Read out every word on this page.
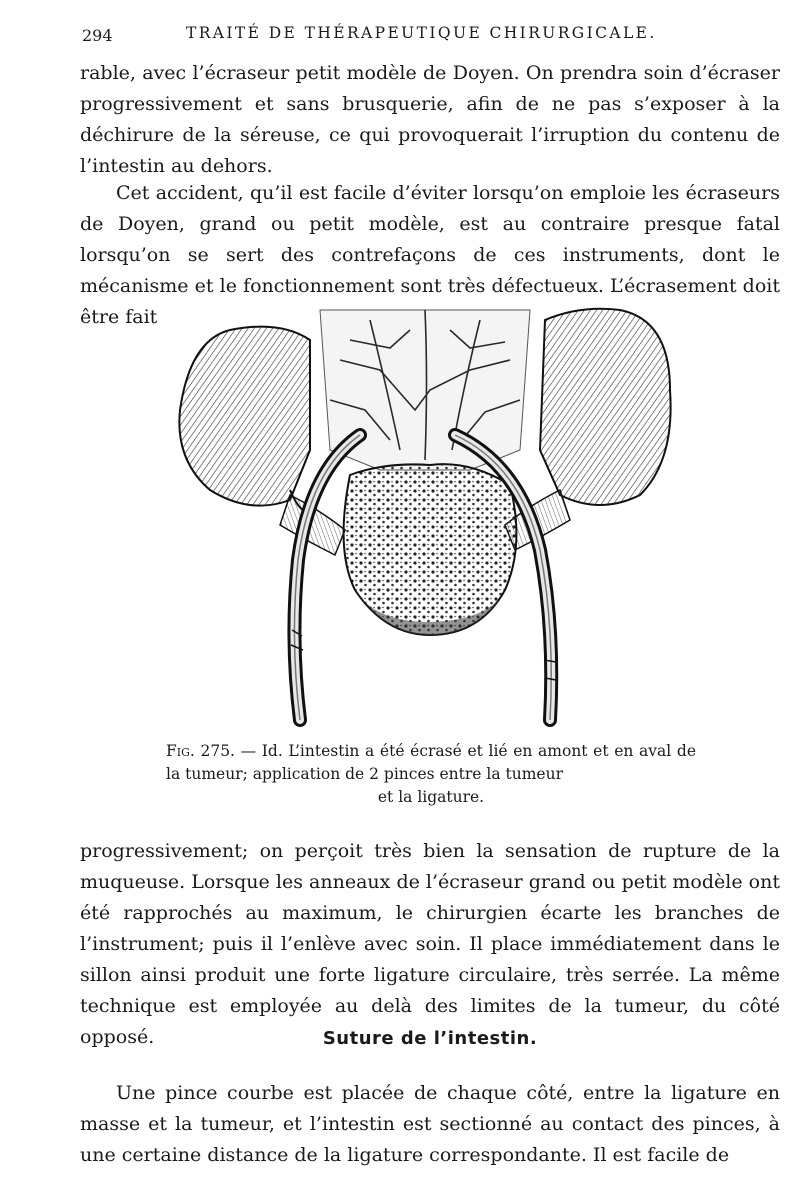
294	TRAITÉ DE THÉRAPEUTIQUE CHIRURGICALE.

rable, avec l’écraseur petit modèle de Doyen. On prendra soin d’écraser progressivement et sans brusquerie, afin de ne pas s’exposer à la déchirure de la séreuse, ce qui provoquerait l’irruption du contenu de l’intestin au dehors.

Cet accident, qu’il est facile d’éviter lorsqu’on emploie les écraseurs de Doyen, grand ou petit modèle, est au contraire presque fatal lorsqu’on se sert des contrefaçons de ces instruments, dont le mécanisme et le fonctionnement sont très défectueux. L’écrasement doit être fait

Fig. 275. — Id. L’intestin a été écrasé et lié en amont et en aval de la tumeur; application de 2 pinces entre la tumeur
et la ligature.

progressivement; on perçoit très bien la sensation de rupture de la muqueuse. Lorsque les anneaux de l’écraseur grand ou petit modèle ont été rapprochés au maximum, le chirurgien écarte les branches de l’instrument; puis il l’enlève avec soin. Il place immédiatement dans le sillon ainsi produit une forte ligature circulaire, très serrée. La même technique est employée au delà des limites de la tumeur, du côté opposé.	Suture de l’intestin.

Une pince courbe est placée de chaque côté, entre la ligature en masse et la tumeur, et l’intestin est sectionné au contact des pinces, à une certaine distance de la ligature correspondante. Il est facile de
